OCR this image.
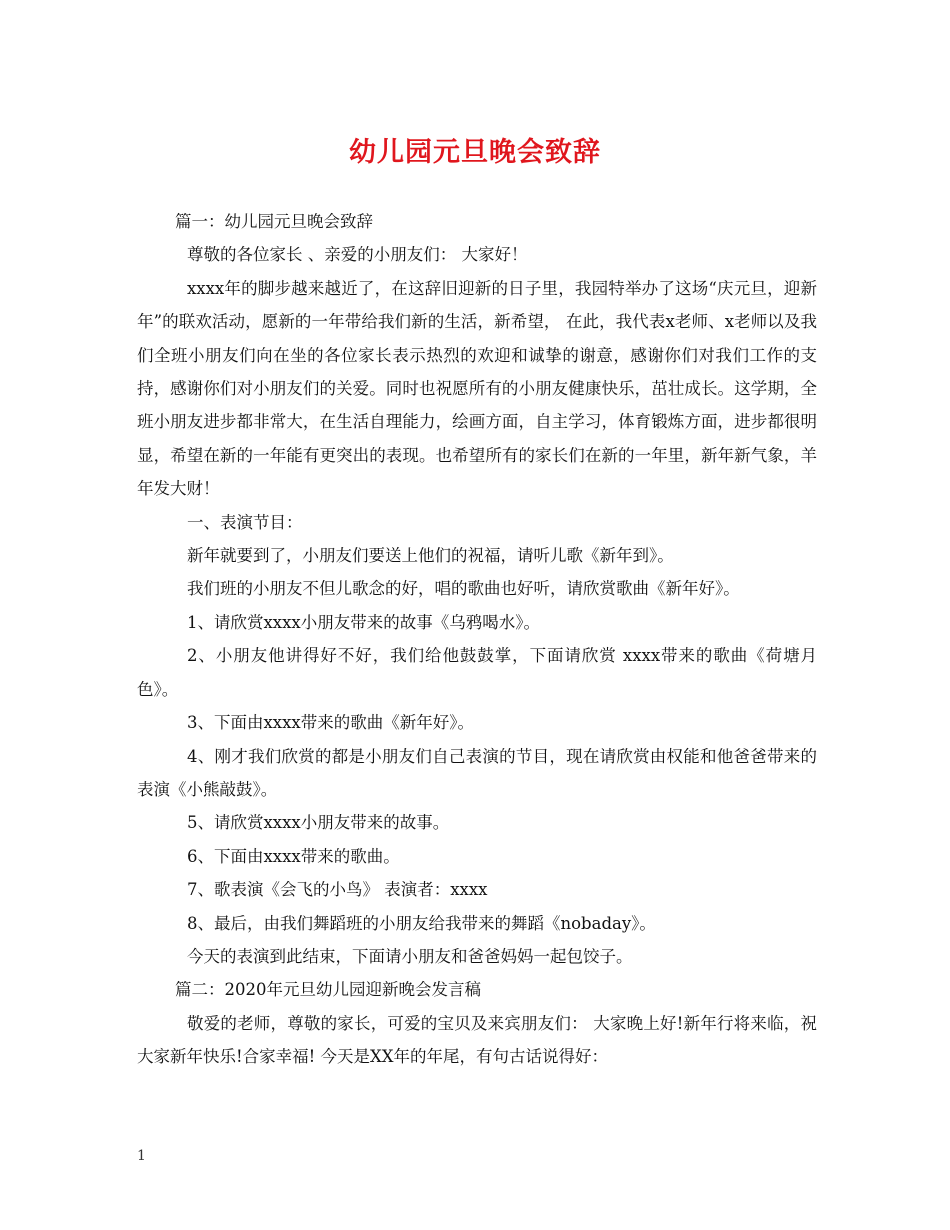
幼儿园元旦晚会致辞

篇一：幼儿园元旦晚会致辞

尊敬的各位家长 、亲爱的小朋友们： 大家好！

xxxx年的脚步越来越近了，在这辞旧迎新的日子里，我园特举办了这场“庆元旦，迎新年”的联欢活动，愿新的一年带给我们新的生活，新希望， 在此，我代表x老师、x老师以及我们全班小朋友们向在坐的各位家长表示热烈的欢迎和诚挚的谢意，感谢你们对我们工作的支持，感谢你们对小朋友们的关爱。同时也祝愿所有的小朋友健康快乐，茁壮成长。这学期，全班小朋友进步都非常大，在生活自理能力，绘画方面，自主学习，体育锻炼方面，进步都很明显，希望在新的一年能有更突出的表现。也希望所有的家长们在新的一年里，新年新气象，羊年发大财！

一、表演节目：

新年就要到了，小朋友们要送上他们的祝福，请听儿歌《新年到》。

我们班的小朋友不但儿歌念的好，唱的歌曲也好听，请欣赏歌曲《新年好》。

1、请欣赏xxxx小朋友带来的故事《乌鸦喝水》。

2、小朋友他讲得好不好，我们给他鼓鼓掌，下面请欣赏 xxxx带来的歌曲《荷塘月色》。

3、下面由xxxx带来的歌曲《新年好》。

4、刚才我们欣赏的都是小朋友们自己表演的节目，现在请欣赏由权能和他爸爸带来的表演《小熊敲鼓》。

5、请欣赏xxxx小朋友带来的故事。

6、下面由xxxx带来的歌曲。

7、歌表演《会飞的小鸟》 表演者：xxxx

8、最后，由我们舞蹈班的小朋友给我带来的舞蹈《nobaday》。

今天的表演到此结束，下面请小朋友和爸爸妈妈一起包饺子。

篇二：2020年元旦幼儿园迎新晚会发言稿

敬爱的老师，尊敬的家长，可爱的宝贝及来宾朋友们： 大家晚上好!新年行将来临，祝大家新年快乐!合家幸福! 今天是XX年的年尾，有句古话说得好：

1
